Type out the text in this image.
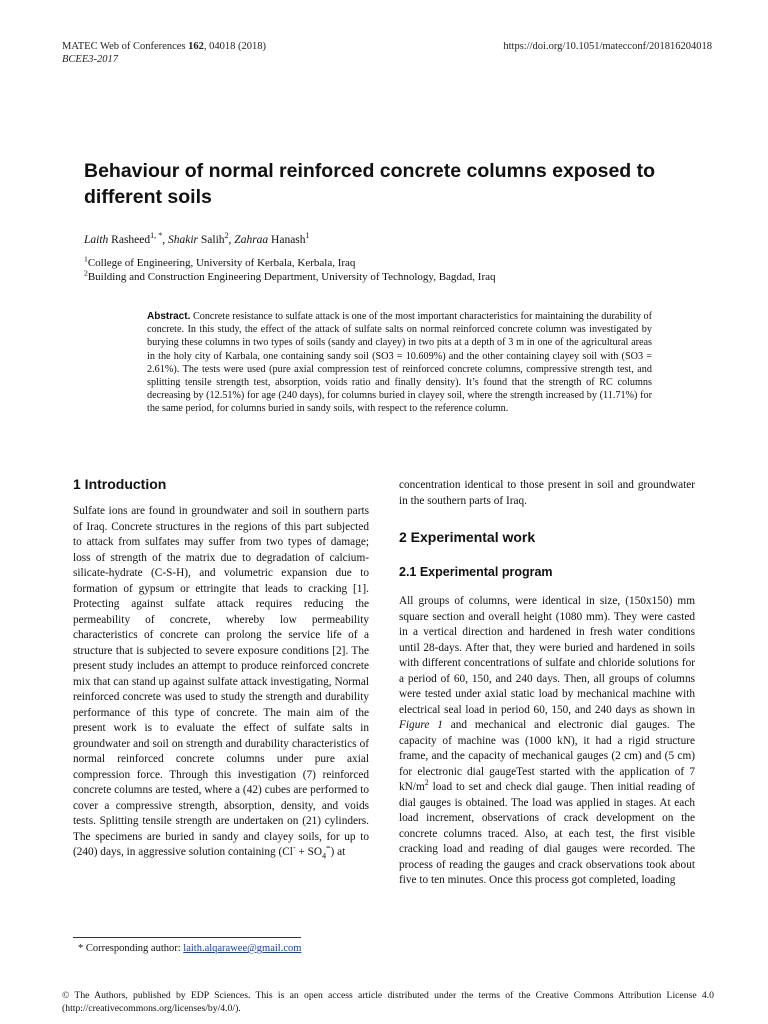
MATEC Web of Conferences 162, 04018 (2018)
BCEE3-2017
https://doi.org/10.1051/matecconf/201816204018
Behaviour of normal reinforced concrete columns exposed to different soils
Laith Rasheed$^{1, *}$, Shakir Salih$^2$, Zahraa Hanash$^1$
$^1$College of Engineering, University of Kerbala, Kerbala, Iraq
$^2$Building and Construction Engineering Department, University of Technology, Bagdad, Iraq
Abstract. Concrete resistance to sulfate attack is one of the most important characteristics for maintaining the durability of concrete. In this study, the effect of the attack of sulfate salts on normal reinforced concrete column was investigated by burying these columns in two types of soils (sandy and clayey) in two pits at a depth of 3 m in one of the agricultural areas in the holy city of Karbala, one containing sandy soil (SO3 = 10.609%) and the other containing clayey soil with (SO3 = 2.61%). The tests were used (pure axial compression test of reinforced concrete columns, compressive strength test, and splitting tensile strength test, absorption, voids ratio and finally density). It’s found that the strength of RC columns decreasing by (12.51%) for age (240 days), for columns buried in clayey soil, where the strength increased by (11.71%) for the same period, for columns buried in sandy soils, with respect to the reference column.
1 Introduction

Sulfate ions are found in groundwater and soil in southern parts of Iraq. Concrete structures in the regions of this part subjected to attack from sulfates may suffer from two types of damage; loss of strength of the matrix due to degradation of calcium-silicate-hydrate (C-S-H), and volumetric expansion due to formation of gypsum or ettringite that leads to cracking [1]. Protecting against sulfate attack requires reducing the permeability of concrete, whereby low permeability characteristics of concrete can prolong the service life of a structure that is subjected to severe exposure conditions [2]. The present study includes an attempt to produce reinforced concrete mix that can stand up against sulfate attack investigating, Normal reinforced concrete was used to study the strength and durability performance of this type of concrete. The main aim of the present work is to evaluate the effect of sulfate salts in groundwater and soil on strength and durability characteristics of normal reinforced concrete columns under pure axial compression force. Through this investigation (7) reinforced concrete columns are tested, where a (42) cubes are performed to cover a compressive strength, absorption, density, and voids tests. Splitting tensile strength are undertaken on (21) cylinders. The specimens are buried in sandy and clayey soils, for up to (240) days, in aggressive solution containing $(Cl^- + SO_4^=)$ at

concentration identical to those present in soil and groundwater in the southern parts of Iraq.
2 Experimental work
2.1 Experimental program

All groups of columns, were identical in size, (150x150) mm square section and overall height (1080 mm). They were casted in a vertical direction and hardened in fresh water conditions until 28-days. After that, they were buried and hardened in soils with different concentrations of sulfate and chloride solutions for a period of 60, 150, and 240 days. Then, all groups of columns were tested under axial static load by mechanical machine with electrical seal load in period 60, 150, and 240 days as shown in Figure 1 and mechanical and electronic dial gauges. The capacity of machine was (1000 kN), it had a rigid structure frame, and the capacity of mechanical gauges (2 cm) and (5 cm) for electronic dial gaugeTest started with the application of 7 $kN/m^2$ load to set and check dial gauge. Then initial reading of dial gauges is obtained. The load was applied in stages. At each load increment, observations of crack development on the concrete columns traced. Also, at each test, the first visible cracking load and reading of dial gauges were recorded. The process of reading the gauges and crack observations took about five to ten minutes. Once this process got completed, loading

* Corresponding author: laith.alqarawee@gmail.com
© The Authors, published by EDP Sciences. This is an open access article distributed under the terms of the Creative Commons Attribution License 4.0 (http://creativecommons.org/licenses/by/4.0/).
